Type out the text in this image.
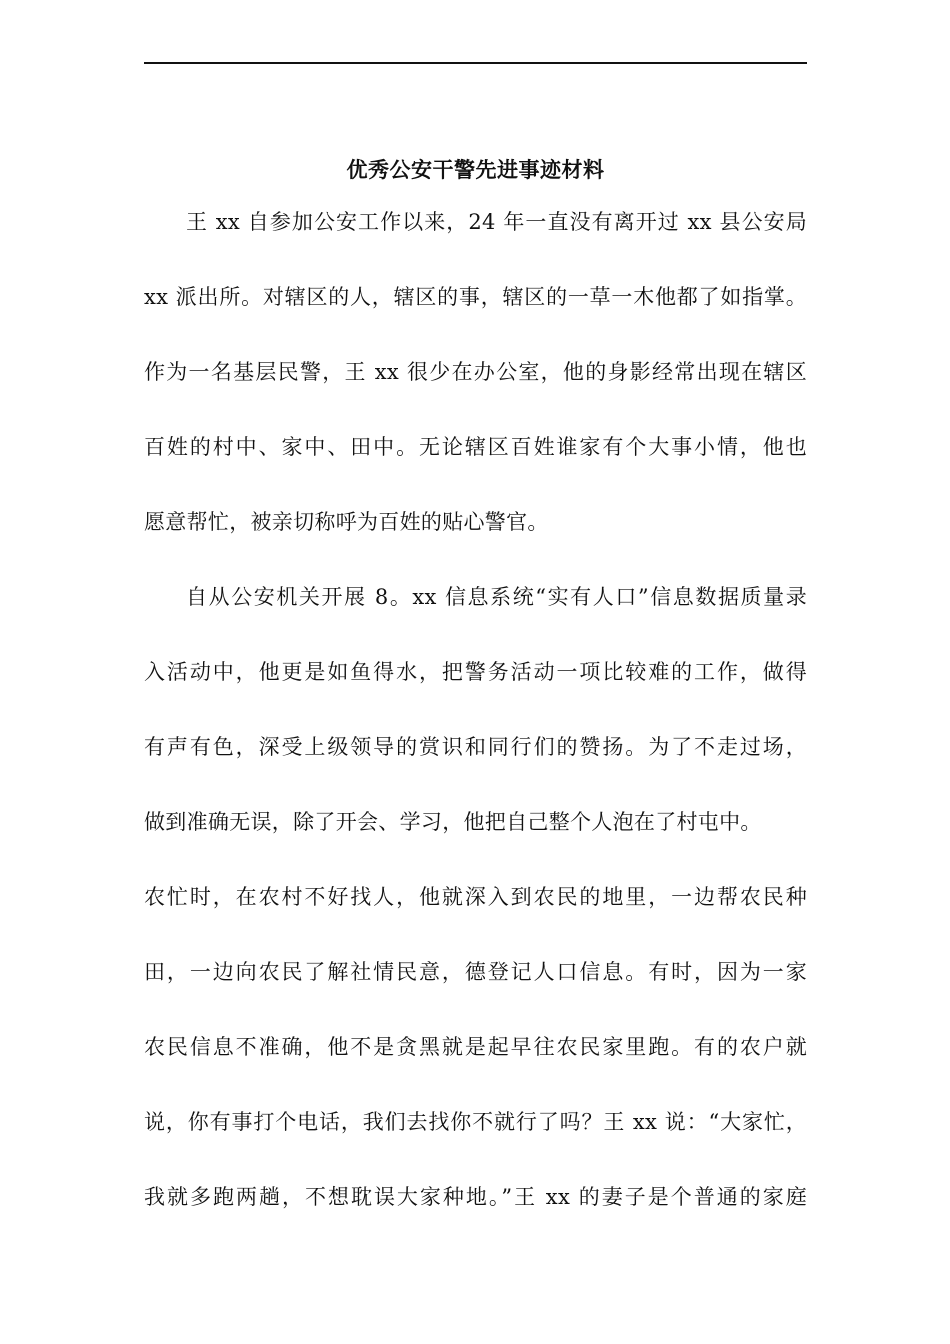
优秀公安干警先进事迹材料
王 xx 自参加公安工作以来，24 年一直没有离开过 xx 县公安局
xx 派出所。对辖区的人，辖区的事，辖区的一草一木他都了如指掌。
作为一名基层民警，王 xx 很少在办公室，他的身影经常出现在辖区
百姓的村中、家中、田中。无论辖区百姓谁家有个大事小情，他也
愿意帮忙，被亲切称呼为百姓的贴心警官。
自从公安机关开展 8。xx 信息系统“实有人口”信息数据质量录
入活动中，他更是如鱼得水，把警务活动一项比较难的工作，做得
有声有色，深受上级领导的赏识和同行们的赞扬。为了不走过场，
做到准确无误，除了开会、学习，他把自己整个人泡在了村屯中。
农忙时，在农村不好找人，他就深入到农民的地里，一边帮农民种
田，一边向农民了解社情民意，德登记人口信息。有时，因为一家
农民信息不准确，他不是贪黑就是起早往农民家里跑。有的农户就
说，你有事打个电话，我们去找你不就行了吗？王 xx 说：“大家忙，
我就多跑两趟，不想耽误大家种地。”王 xx 的妻子是个普通的家庭
